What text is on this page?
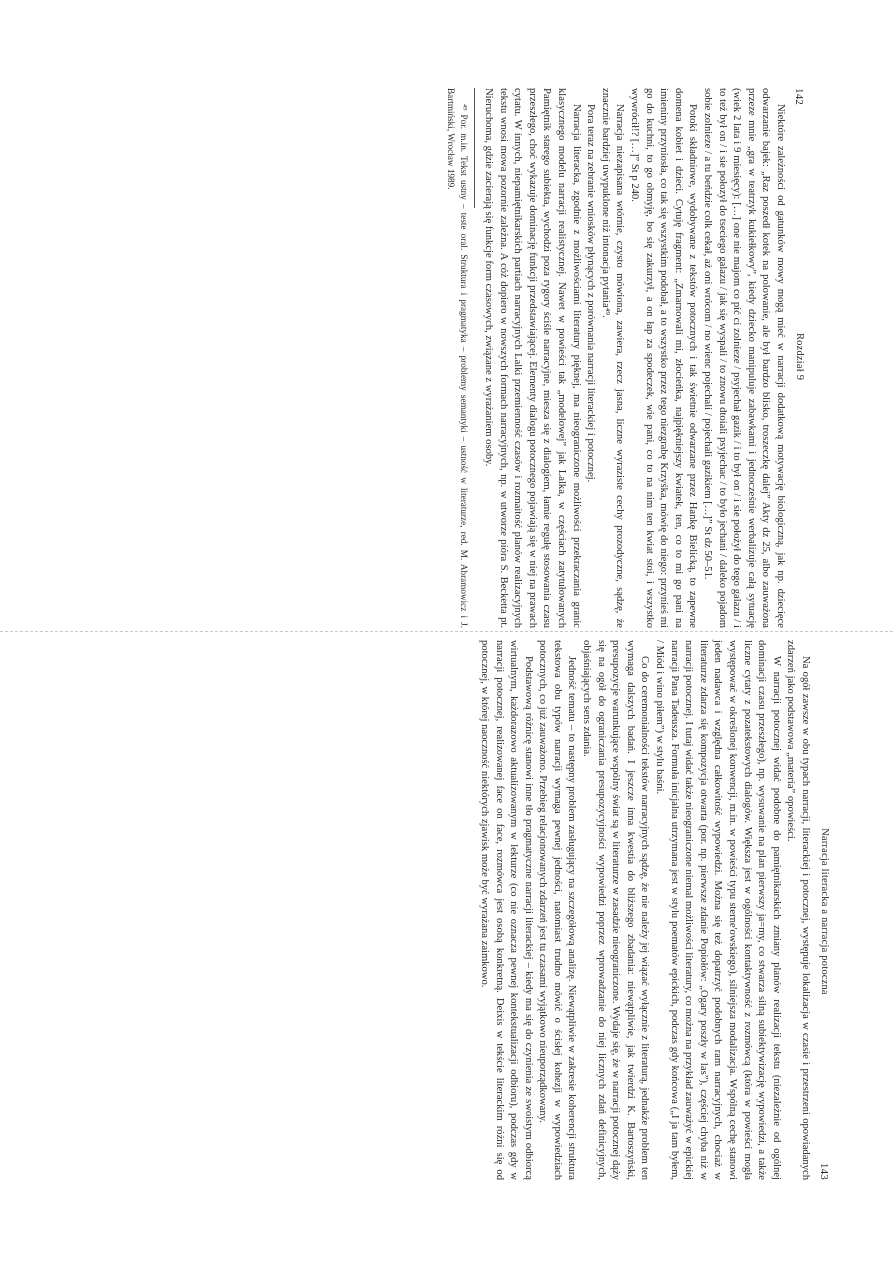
142
Rozdział 9

Niektóre zależności od gatunków mowy mogą mieć w narracji dodatkową motywację biologiczną, jak np. dziecięce odwarzanie bajek: „Raz poszedł kotek na polowanie, ale był bardzo blisko, troszeczkę dalej” Akty dz 25, albo zauważona przeze mnie „gra w teatrzyk kukiełkowy”, kiedy dziecko manipuluje zabawkami i jednocześnie werbalizuje całą sytuację (wiek 2 lata i 9 miesięcy): […] one nie majom co pić ci zolnieze / psyjechał gazik / i to był on / i sie położył do tego galazu / i to też był on / i sie połozył do tseciego galazu / jak się wyspali / to znowu dtoiali psyjechac / to było jechani / daleko pojadom sobie zolnieze / a tu beńdzie colk cekał, aż oni wrócom / no wienc pojechali / pojechali gazikiem […]” St dz 50–51.

Potoki składniowe, wydobywane z tekstów potocznych i tak świetnie odwarzane przez Hankę Bielicką, to zapewne domena kobiet i dzieci. Cytuję fragment: „Zmarnowali mi, złocieńka, najpiękniejszy kwiatek, ten, co to mi go pani na imieniny przyniosła, co tak się wszystkim podobał, a to wszystko przez tego niezgrabę Krzyśka, mówię do niego: przynieś mi go do kuchni, to go obmyję, bo się zakurzył, a on łap za spodeczek, wie pani, co to na nim ten kwiat stoi, i wszystko wywrócił!? […]” St p 240.

Narracja niezapisana wtórnie, czysto mówiona, zawiera, rzecz jasna, liczne wyraziste cechy prozodyczne, sądzę, że znacznie bardziej uwypuklone niż intonacja pytania⁴⁹.

Pora teraz na zebranie wniosków płynących z porównania narracji literackiej i potocznej.

Narracja literacka, zgodnie z możliwościami literatury pięknej, ma nieograniczone możliwości przekraczania granic klasycznego modelu narracji realistycznej. Nawet w powieści tak „modelowej” jak Lalka, w częściach zatytułowanych Pamiętnik starego subiekta, wychodzi poza rygory ściśle narracyjne, miesza się z dialogiem, łamie regułę stosowania czasu przeszłego, choć wykazuje dominację funkcji przedstawiającej. Elementy dialogu potocznego pojawiają się w niej na prawach cytatu. W innych, niepamiętnikarskich partiach narracyjnych Lalki przemienność czasów i rozmaitość planów realizacyjnych tekstu wnosi mowa pozornie zależna. A cóż dopiero w nowszych formach narracyjnych, np. w utworze pióra S. Becketta pt. Nieruchoma, gdzie zacierają się funkcje form czasowych, związane z wyrażaniem osoby.

⁴⁹ Por. m.in. Tekst ustny – teste oral. Struktura i pragmatyka – problemy semantyki – ustność w literaturze, red. M. Abramowicz i J. Bartmiński, Wrocław 1989.
Narracja literacka a narracja potoczna
143

Na ogół zawsze w obu typach narracji, literackiej i potocznej, występuje lokalizacja w czasie i przestrzeni opowiadanych zdarzeń jako podstawowa „materia” opowieści.

W narracji potocznej widać podobne do pamiętnikarskich zmiany planów realizacji tekstu (niezależnie od ogólnej dominacji czasu przeszłego), np. wysuwanie na plan pierwszy ja=my, co stwarza silną subiektywizację wypowiedzi, a także liczne cytaty z pozatekstowych dialogów. Większa jest w ogólności kontaktywność z rozmówcą (która w powieści mogła występować w określonej konwencji, m.in. w powieści typu sterne'owskiego), silniejsza modalizacja. Wspólną cechę stanowi jeden nadawca i względna całkowitość wypowiedzi. Można się też dopatrzyć podobnych ram narracyjnych, chociaż w literaturze zdarza się kompozycja otwarta (por. np. pierwsze zdanie Popiołów: „Ogary poszły w las”), częściej chyba niż w narracji potocznej. I tutaj widać także nieograniczone niemal możliwości literatury, co można na przykład zauważyć w epickiej narracji Pana Tadeusza. Formuła inicjalna utrzymana jest w stylu poematów epickich, podczas gdy końcowa („I ja tam byłem, / Miód i wino piłem”) w stylu baśni.

Co do ceremonialności tekstów narracyjnych sądzę, że nie należy jej wiązać wyłącznie z literaturą, jednakże problem ten wymaga dalszych badań. I jeszcze inna kwestia do bliższego zbadania: niewątpliwie, jak twierdzi K. Bartoszyński, presupozycje warunkujące wspólny świat są w literaturze w zasadzie nieograniczone. Wydaje się, że w narracji potocznej dąży się na ogół do ograniczania presupozycyjności wypowiedzi poprzez wprowadzanie do niej licznych zdań definicyjnych, objaśniających sens zdania.

Jedność tematu – to następny problem zasługujący na szczegółową analizę. Niewątpliwie w zakresie koherencji struktura tekstowa obu typów narracji wymaga pewnej jedności, natomiast trudno mówić o ścisłej kohezji w wypowiedziach potocznych, co już zauważono. Przebieg relacjonowanych zdarzeń jest tu czasami wyjątkowo nieuporządkowany.

Podstawową różnicę stanowi inne tło pragmatyczne narracji literackiej – kiedy ma się do czynienia ze swoistym odbiorcą wirtualnym, każdorazowo aktualizowanym w lekturze (co nie oznacza pewnej kontekstualizacji odbioru), podczas gdy w narracji potocznej, realizowanej face on face, rozmówca jest osobą konkretną. Deixis w tekście literackim różni się od potocznej, w której naoczność niektórych zjawisk może być wyrażana zaimkowo.
